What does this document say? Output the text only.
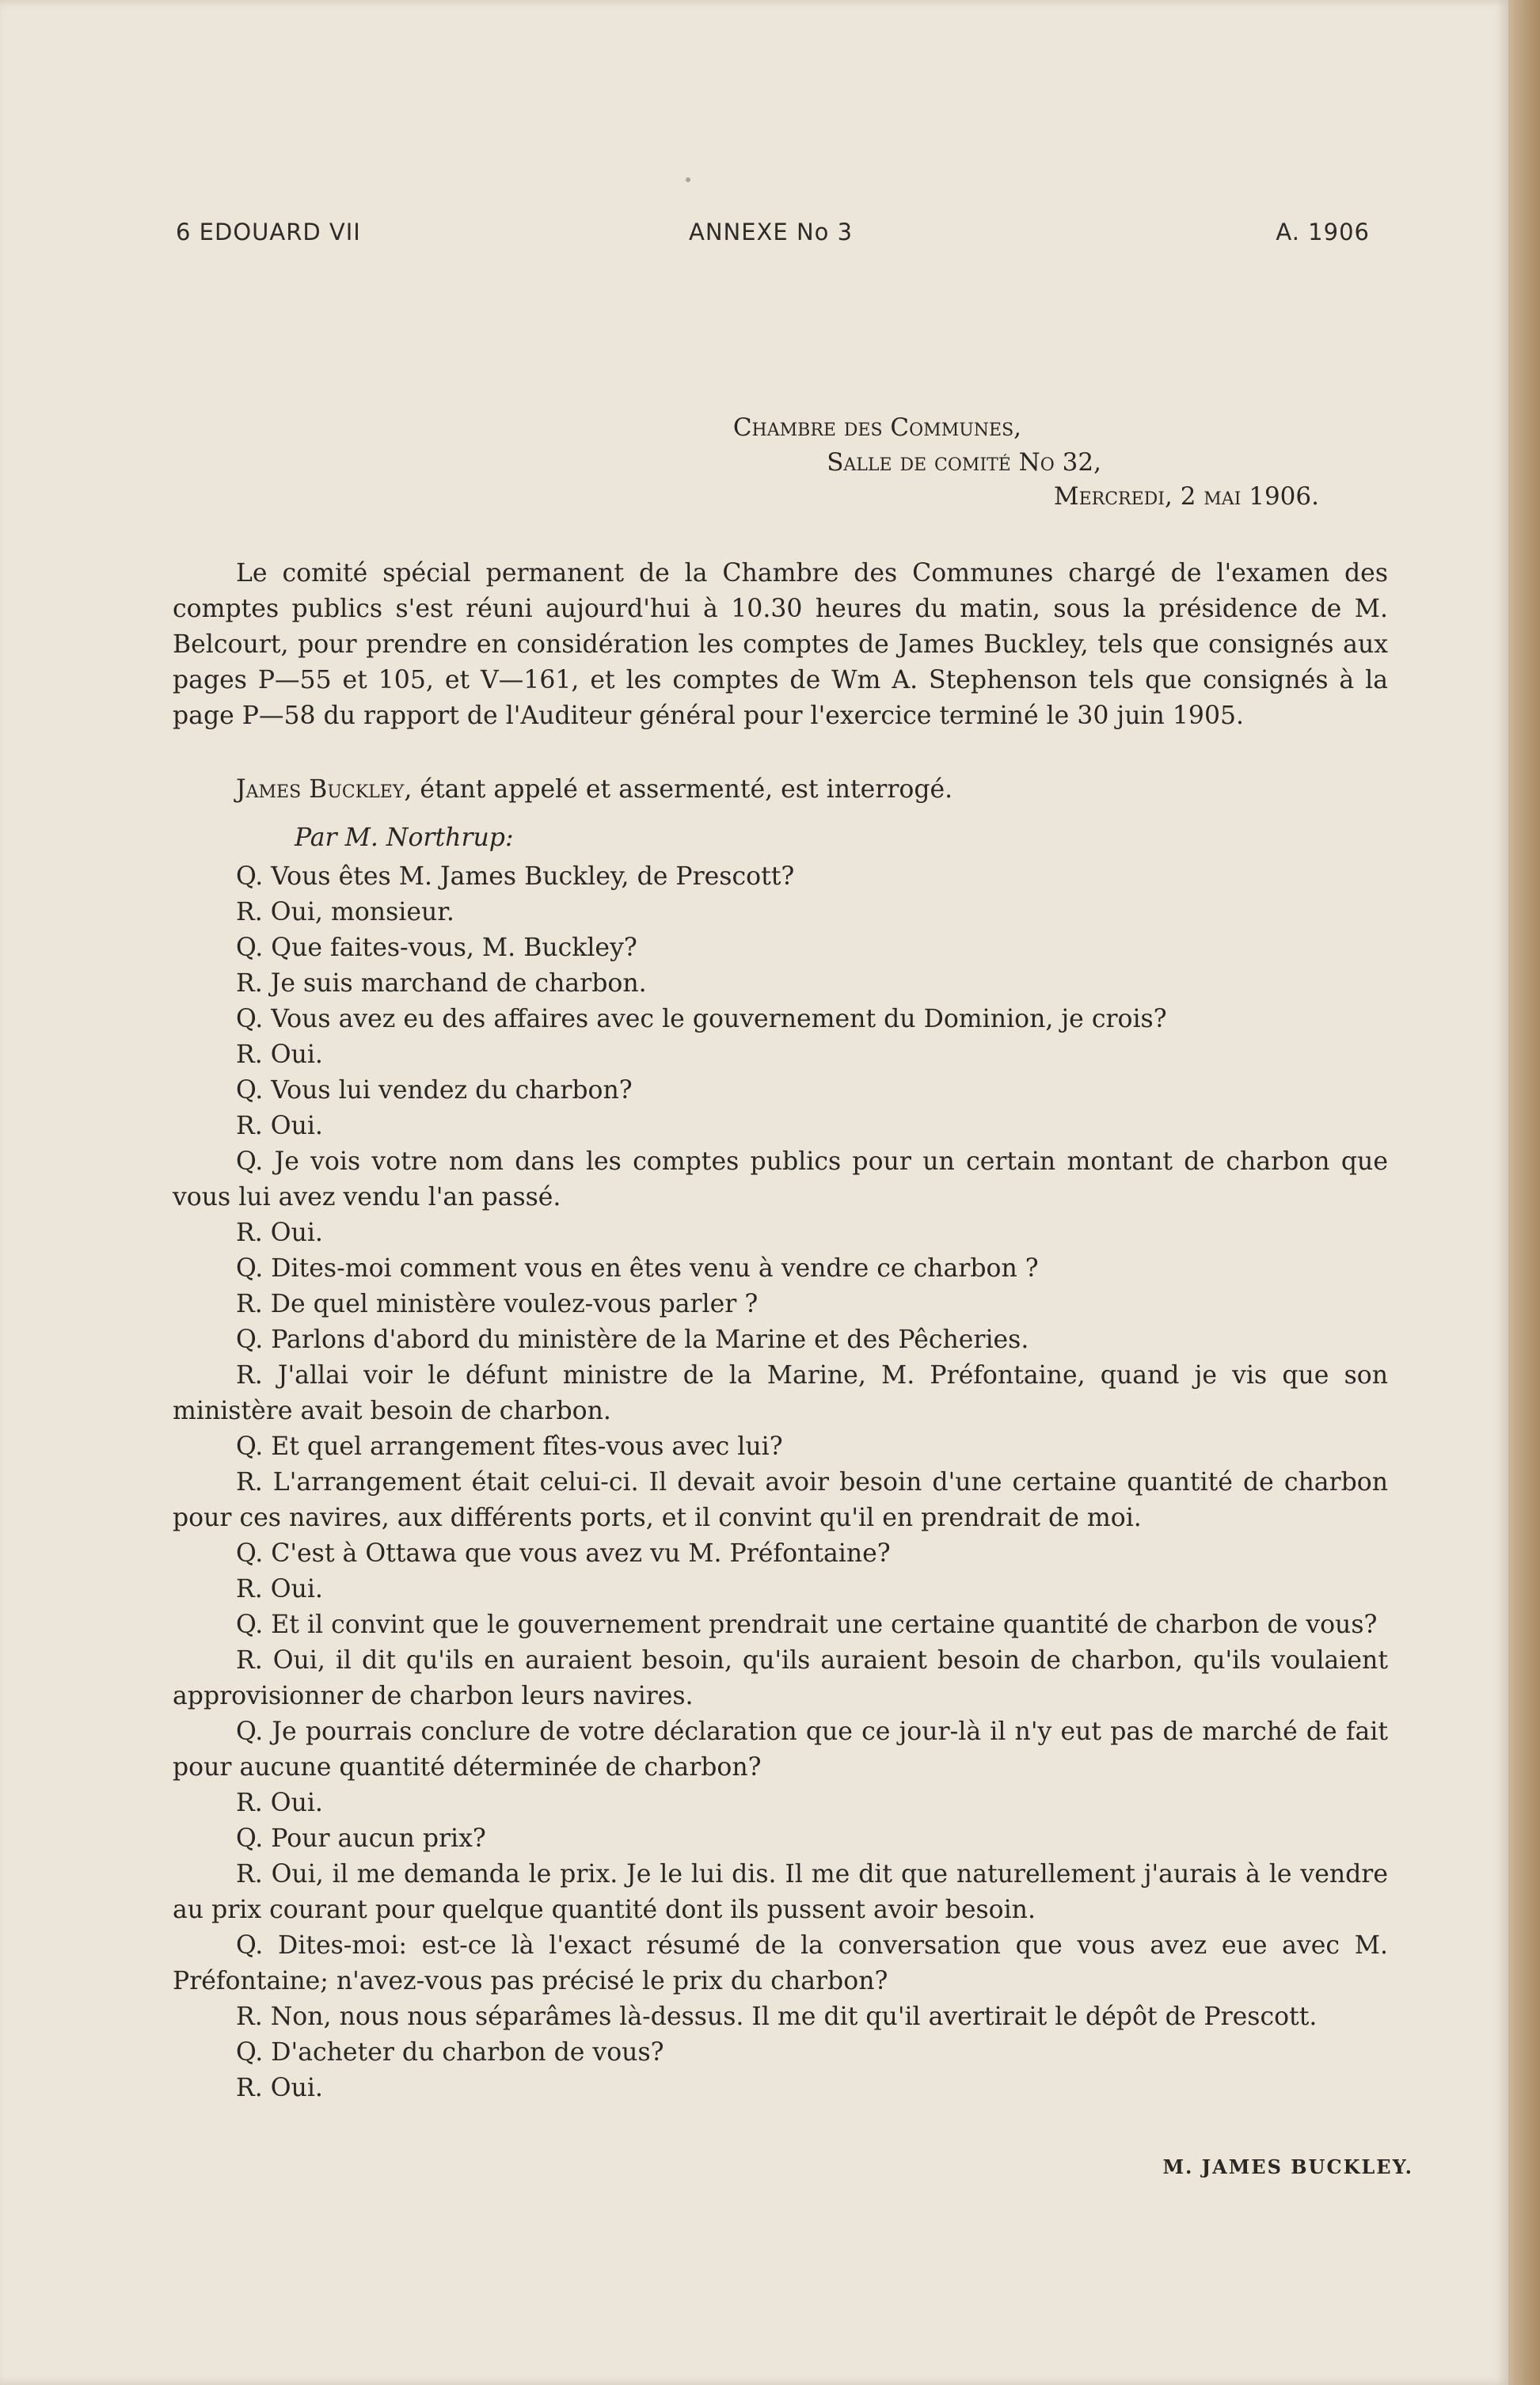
6 EDOUARD VII	ANNEXE No 3	A. 1906
Chambre des Communes,
Salle de comité No 32,
Mercredi, 2 mai 1906.

Le comité spécial permanent de la Chambre des Communes chargé de l'examen des comptes publics s'est réuni aujourd'hui à 10.30 heures du matin, sous la présidence de M. Belcourt, pour prendre en considération les comptes de James Buckley, tels que consignés aux pages P—55 et 105, et V—161, et les comptes de Wm A. Stephenson tels que consignés à la page P—58 du rapport de l'Auditeur général pour l'exercice terminé le 30 juin 1905.

James Buckley, étant appelé et assermenté, est interrogé.

Par M. Northrup:

Q. Vous êtes M. James Buckley, de Prescott?

R. Oui, monsieur.

Q. Que faites-vous, M. Buckley?

R. Je suis marchand de charbon.

Q. Vous avez eu des affaires avec le gouvernement du Dominion, je crois?

R. Oui.

Q. Vous lui vendez du charbon?

R. Oui.

Q. Je vois votre nom dans les comptes publics pour un certain montant de charbon que vous lui avez vendu l'an passé.

R. Oui.

Q. Dites-moi comment vous en êtes venu à vendre ce charbon ?

R. De quel ministère voulez-vous parler ?

Q. Parlons d'abord du ministère de la Marine et des Pêcheries.

R. J'allai voir le défunt ministre de la Marine, M. Préfontaine, quand je vis que son ministère avait besoin de charbon.

Q. Et quel arrangement fîtes-vous avec lui?

R. L'arrangement était celui-ci. Il devait avoir besoin d'une certaine quantité de charbon pour ces navires, aux différents ports, et il convint qu'il en prendrait de moi.

Q. C'est à Ottawa que vous avez vu M. Préfontaine?

R. Oui.

Q. Et il convint que le gouvernement prendrait une certaine quantité de charbon de vous?

R. Oui, il dit qu'ils en auraient besoin, qu'ils auraient besoin de charbon, qu'ils voulaient approvisionner de charbon leurs navires.

Q. Je pourrais conclure de votre déclaration que ce jour-là il n'y eut pas de marché de fait pour aucune quantité déterminée de charbon?

R. Oui.

Q. Pour aucun prix?

R. Oui, il me demanda le prix. Je le lui dis. Il me dit que naturellement j'aurais à le vendre au prix courant pour quelque quantité dont ils pussent avoir besoin.

Q. Dites-moi: est-ce là l'exact résumé de la conversation que vous avez eue avec M. Préfontaine; n'avez-vous pas précisé le prix du charbon?

R. Non, nous nous séparâmes là-dessus. Il me dit qu'il avertirait le dépôt de Prescott.

Q. D'acheter du charbon de vous?

R. Oui.

M. JAMES BUCKLEY.
